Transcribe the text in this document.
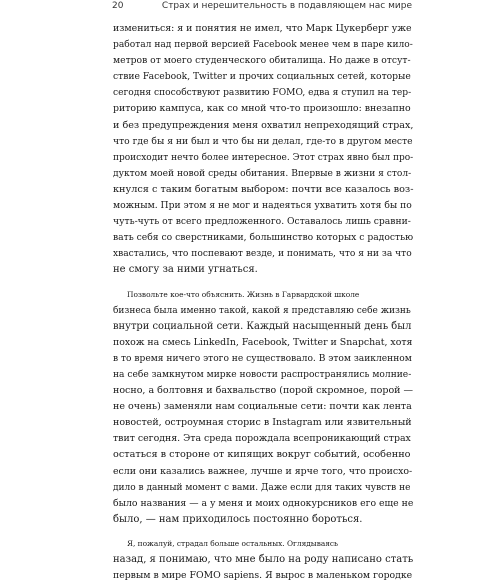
20	Страх и нерешительность в подавляющем нас мире
измениться: я и понятия не имел, что Марк Цукерберг уже
работал над первой версией Facebook менее чем в паре кило-
метров от моего студенческого обиталища. Но даже в отсут-
ствие Facebook, Twitter и прочих социальных сетей, которые
сегодня способствуют развитию FOMO, едва я ступил на тер-
риторию кампуса, как со мной что-то произошло: внезапно
и без предупреждения меня охватил непреходящий страх,
что где бы я ни был и что бы ни делал, где-то в другом месте
происходит нечто более интересное. Этот страх явно был про-
дуктом моей новой среды обитания. Впервые в жизни я стол-
кнулся с таким богатым выбором: почти все казалось воз-
можным. При этом я не мог и надеяться ухватить хотя бы по
чуть-чуть от всего предложенного. Оставалось лишь сравни-
вать себя со сверстниками, большинство которых с радостью
хвастались, что поспевают везде, и понимать, что я ни за что
не смогу за ними угнаться.
Позвольте кое-что объяснить. Жизнь в Гарвардской школе
бизнеса была именно такой, какой я представляю себе жизнь
внутри социальной сети. Каждый насыщенный день был
похож на смесь LinkedIn, Facebook, Twitter и Snapchat, хотя
в то время ничего этого не существовало. В этом заикленном
на себе замкнутом мирке новости распространялись молниe-
носно, а болтовня и бахвальство (порой скромное, порой —
не очень) заменяли нам социальные сети: почти как лента
новостей, остроумная сторис в Instagram или язвительный
твит сегодня. Эта среда порождала всепроникающий страх
остаться в стороне от кипящих вокруг событий, особенно
если они казались важнее, лучше и ярче того, что происхо-
дило в данный момент с вами. Даже если для таких чувств не
было названия — а у меня и моих однокурсников его еще не
было, — нам приходилось постоянно бороться.
Я, пожалуй, страдал больше остальных. Оглядываясь
назад, я понимаю, что мне было на роду написано стать
первым в мире FOMO sapiens. Я вырос в маленьком городке
